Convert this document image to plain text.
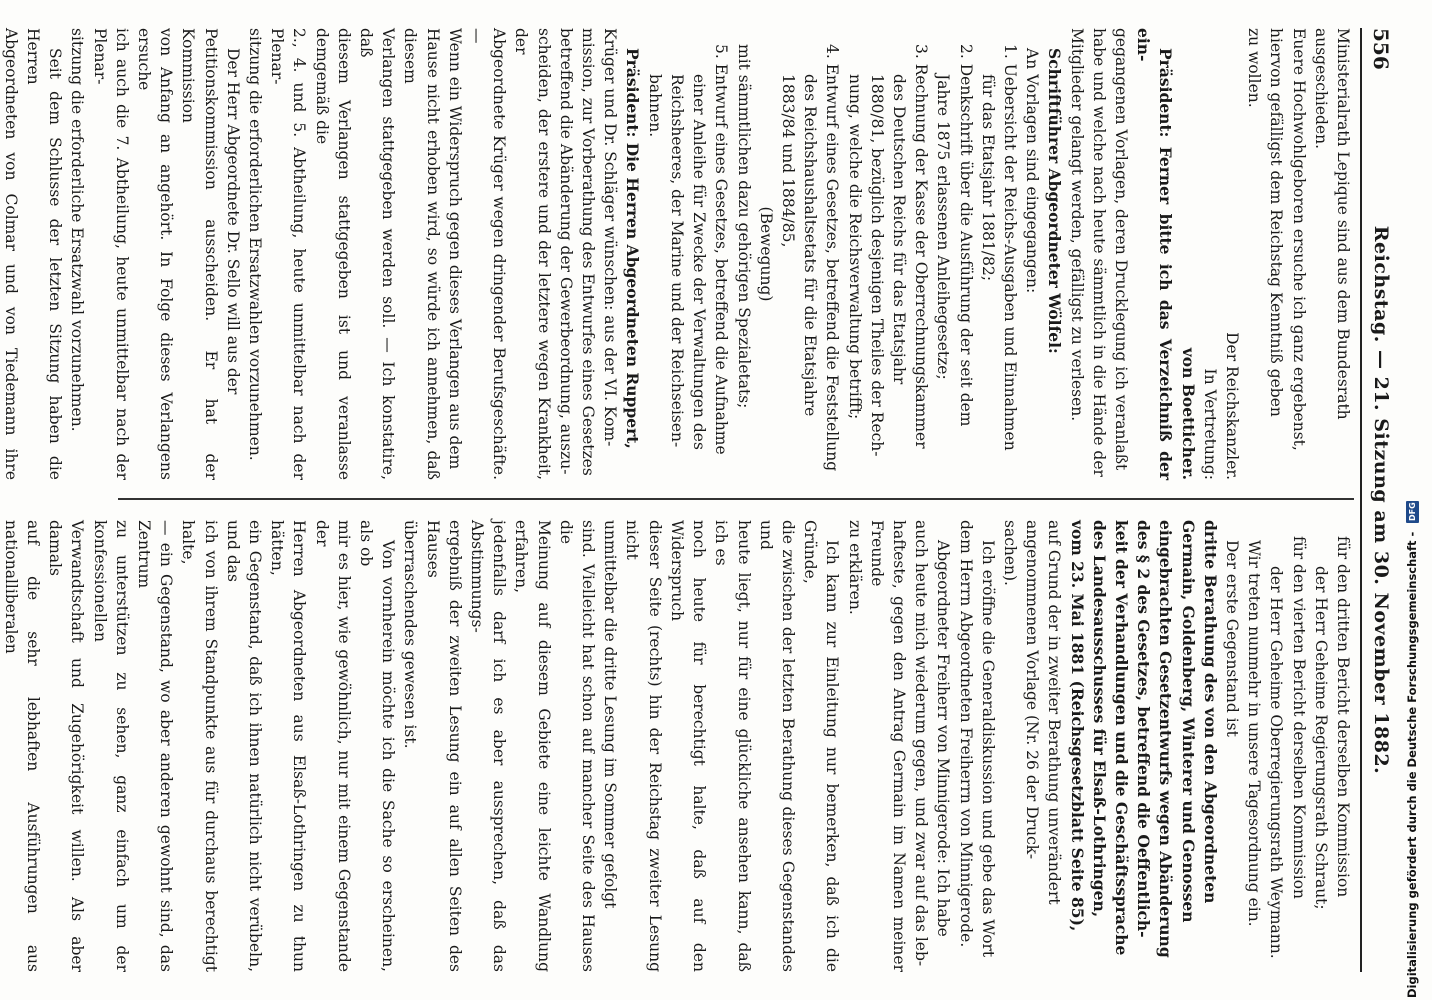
556
Reichstag. — 21. Sitzung am 30. November 1882.

Ministerialrath Lepique sind aus dem Bundesrath

ausgeschieden.

Euere Hochwohlgeboren ersuche ich ganz ergebenst,

hiervon gefälligst dem Reichstag Kenntniß geben

zu wollen.

Der Reichskanzler.

In Vertretung:

von Boetticher.

Präsident: Ferner bitte ich das Verzeichniß der ein-

gegangenen Vorlagen, deren Drucklegung ich veranlaßt

habe und welche nach heute sämmtlich in die Hände der

Mitglieder gelangt werden, gefälligst zu verlesen.

Schriftführer Abgeordneter Wölfel:

An Vorlagen sind eingegangen:

1. Uebersicht der Reichs-Ausgaben und Einnahmen

für das Etatsjahr 1881/82;

2. Denkschrift über die Ausführung der seit dem

Jahre 1875 erlassenen Anleihegesetze;

3. Rechnung der Kasse der Oberrechnungskammer

des Deutschen Reichs für das Etatsjahr

1880/81, bezüglich desjenigen Theiles der Rech-

nung, welche die Reichsverwaltung betrifft;

4. Entwurf eines Gesetzes, betreffend die Feststellung

des Reichshaushaltsetats für die Etatsjahre

1883/84 und 1884/85,

(Bewegung)

mit sämmtlichen dazu gehörigen Spezialetats;

5. Entwurf eines Gesetzes, betreffend die Aufnahme

einer Anleihe für Zwecke der Verwaltungen des

Reichsheeres, der Marine und der Reichseisen-

bahnen.

Präsident: Die Herren Abgeordneten Ruppert,

Krüger und Dr. Schläger wünschen: aus der VI. Kom-

mission, zur Vorberathung des Entwurfes eines Gesetzes

betreffend die Abänderung der Gewerbeordnung, auszu-

scheiden, der erstere und der letztere wegen Krankheit, der

Abgeordnete Krüger wegen dringender Berufsgeschäfte. —

Wenn ein Widerspruch gegen dieses Verlangen aus dem

Hause nicht erhoben wird, so würde ich annehmen, daß diesem

Verlangen stattgegeben werden soll. — Ich konstatire, daß

diesem Verlangen stattgegeben ist und veranlasse demgemäß die

2., 4. und 5. Abtheilung, heute unmittelbar nach der Plenar-

sitzung die erforderlichen Ersatzwahlen vorzunehmen.

Der Herr Abgeordnete Dr. Sello will aus der

Petitionskommission ausscheiden. Er hat der Kommission

von Anfang an angehört. In Folge dieses Verlangens ersuche

ich auch die 7. Abtheilung, heute unmittelbar nach der Plenar-

sitzung die erforderliche Ersatzwahl vorzunehmen.

Seit dem Schlusse der letzten Sitzung haben die Herren

Abgeordneten von Colmar und von Tiedemann ihre

für den dritten Bericht derselben Kommission

der Herr Geheime Regierungsrath Schraut;

für den vierten Bericht derselben Kommission

der Herr Geheime Oberregierungsrath Weymann.

Wir treten nunmehr in unsere Tagesordnung ein.

Der erste Gegenstand ist

dritte Berathung des von den Abgeordneten

Germain, Goldenberg, Winterer und Genossen

eingebrachten Gesetzentwurfs wegen Abänderung

des § 2 des Gesetzes, betreffend die Oeffentlich-

keit der Verhandlungen und die Geschäftssprache

des Landesausschusses für Elsaß-Lothringen,

vom 23. Mai 1881 (Reichsgesetzblatt Seite 85),

auf Grund der in zweiter Berathung unverändert

angenommenen Vorlage (Nr. 26 der Druck-

sachen).

Ich eröffne die Generaldiskussion und gebe das Wort

dem Herrn Abgeordneten Freiherrn von Minnigerode.

Abgeordneter Freiherr von Minnigerode: Ich habe

auch heute mich wiederum gegen, und zwar auf das leb-

hafteste, gegen den Antrag Germain im Namen meiner Freunde

zu erklären.

Ich kann zur Einleitung nur bemerken, daß ich die Gründe,

die zwischen der letzten Berathung dieses Gegenstandes und

heute liegt, nur für eine glückliche ansehen kann, daß ich es

noch heute für berechtigt halte, daß auf den Widerspruch

dieser Seite (rechts) hin der Reichstag zweiter Lesung nicht

unmittelbar die dritte Lesung im Sommer gefolgt

sind. Vielleicht hat schon auf mancher Seite des Hauses die

Meinung auf diesem Gebiete eine leichte Wandlung erfahren,

jedenfalls darf ich es aber aussprechen, daß das Abstimmungs-

ergebniß der zweiten Lesung ein auf allen Seiten des Hauses

überraschendes gewesen ist.

Von vornherein möchte ich die Sache so erscheinen, als ob

mir es hier, wie gewöhnlich, nur mit einem Gegenstande der

Herren Abgeordneten aus Elsaß-Lothringen zu thun hätten,

ein Gegenstand, daß ich ihnen natürlich nicht verübeln, und das

ich von ihrem Standpunkte aus für durchaus berechtigt halte,

— ein Gegenstand, wo aber anderen gewohnt sind, das Zentrum

zu unterstützen zu sehen, ganz einfach um der konfessionellen

Verwandtschaft und Zugehörigkeit willen. Als aber damals

auf die sehr lebhaften Ausführungen aus nationalliberalen	Digitalisierung gefördert durch die Deutsche Forschungsgemeinschaft - DFG
